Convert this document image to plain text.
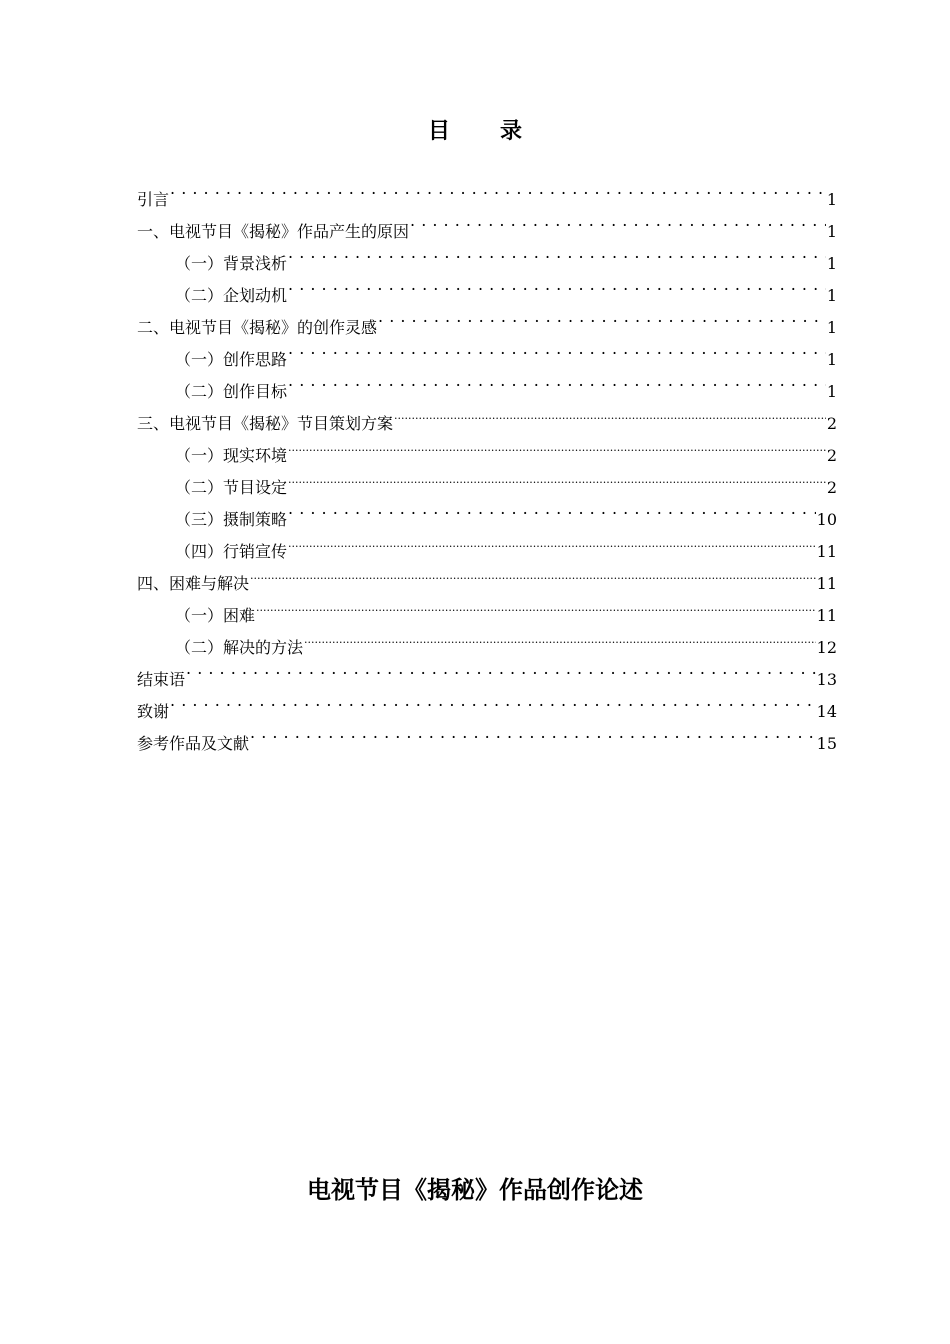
目　录
引言 . . .	1
一、电视节目《揭秘》作品产生的原因 . . .	1
（一）背景浅析 . . .	1
（二）企划动机 . . .	1
二、电视节目《揭秘》的创作灵感 . . .	1
（一）创作思路 . . .	1
（二）创作目标 . . .	1
三、电视节目《揭秘》节目策划方案 .....	2
（一）现实环境 .....	2
（二）节目设定 .....	2
（三）摄制策略 . . .	10
（四）行销宣传 .....	11
四、困难与解决 .....	11
（一）困难 .....	11
（二）解决的方法 .....	12
结束语 . . .	13
致谢 . . .	14
参考作品及文献 . . .	15
电视节目《揭秘》作品创作论述
